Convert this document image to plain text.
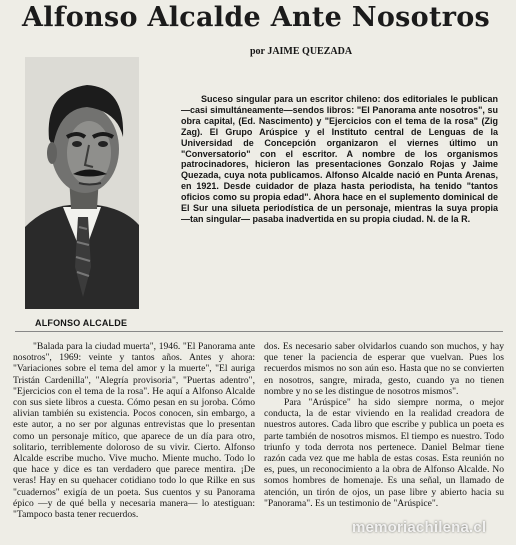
Alfonso Alcalde Ante Nosotros
por JAIME QUEZADA
ALFONSO ALCALDE

Suceso singular para un escritor chileno: dos editoriales le publican —casi simultáneamente—sendos libros: "El Panorama ante nosotros", su obra capital, (Ed. Nascimento) y "Ejercicios con el tema de la rosa" (Zig Zag). El Grupo Arúspice y el Instituto central de Lenguas de la Universidad de Concepción organizaron el viernes último un "Conversatorio" con el escritor. A nombre de los organismos patrocinadores, hicieron las presentaciones Gonzalo Rojas y Jaime Quezada, cuya nota publicamos. Alfonso Alcalde nació en Punta Arenas, en 1921. Desde cuidador de plaza hasta periodista, ha tenido "tantos oficios como su propia edad". Ahora hace en el suplemento dominical de El Sur una silueta periodística de un personaje, mientras la suya propia —tan singular— pasaba inadvertida en su propia ciudad. N. de la R.

"Balada para la ciudad muerta", 1946. "El Panorama ante nosotros", 1969: veinte y tantos años. Antes y ahora: "Variaciones sobre el tema del amor y la muerte", "El auriga Tristán Cardenilla", "Alegría provisoria", "Puertas adentro", "Ejercicios con el tema de la rosa". He aquí a Alfonso Alcalde con sus siete libros a cuesta. Cómo pesan en su joroba. Cómo alivian también su existencia. Pocos conocen, sin embargo, a este autor, a no ser por algunas entrevistas que lo presentan como un personaje mítico, que aparece de un día para otro, solitario, terriblemente doloroso de su vivir. Cierto. Alfonso Alcalde escribe mucho. Vive mucho. Miente mucho. Todo lo que hace y dice es tan verdadero que parece mentira. ¡De veras! Hay en su quehacer cotidiano todo lo que Rilke en sus "cuadernos" exigía de un poeta. Sus cuentos y su Panorama épico —y de qué bella y necesaria manera— lo atestiguan: "Tampoco basta tener recuerdos.

dos. Es necesario saber olvidarlos cuando son muchos, y hay que tener la paciencia de esperar que vuelvan. Pues los recuerdos mismos no son aún eso. Hasta que no se convierten en nosotros, sangre, mirada, gesto, cuando ya no tienen nombre y no se les distingue de nosotros mismos".

Para "Arúspice" ha sido siempre norma, o mejor conducta, la de estar viviendo en la realidad creadora de nuestros autores. Cada libro que escribe y publica un poeta es parte también de nosotros mismos. El tiempo es nuestro. Todo triunfo y toda derrota nos pertenece. Daniel Belmar tiene razón cada vez que me habla de estas cosas. Esta reunión no es, pues, un reconocimiento a la obra de Alfonso Alcalde. No somos hombres de homenaje. Es una señal, un llamado de atención, un tirón de ojos, un pase libre y abierto hacia su "Panorama". Es un testimonio de "Arúspice".

memoriachilena.cl
